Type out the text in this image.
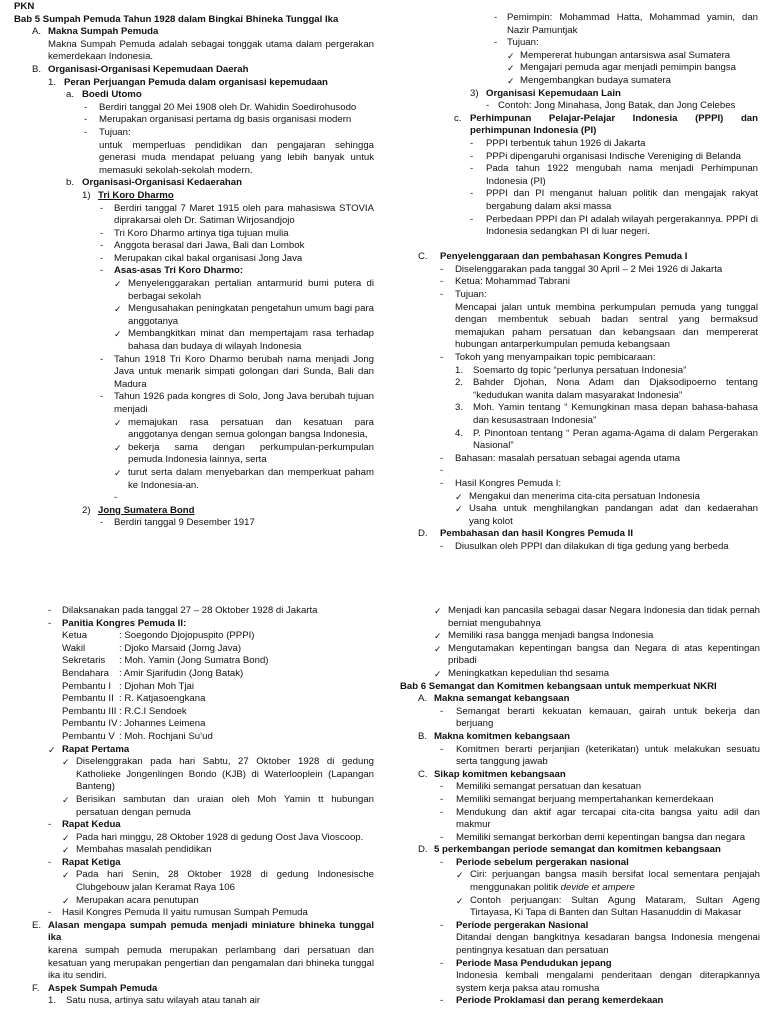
PKN
Bab 5 Sumpah Pemuda Tahun 1928 dalam Bingkai Bhineka Tunggal Ika
A. Makna Sumpah Pemuda
Makna Sumpah Pemuda adalah sebagai tonggak utama dalam pergerakan kemerdekaan Indonesia.
B. Organisasi-Organisasi Kepemudaan Daerah
1. Peran Perjuangan Pemuda dalam organisasi kepemudaan
a. Boedi Utomo
-	Berdiri tanggal 20 Mei 1908 oleh Dr. Wahidin Soedirohusodo
-	Merupakan organisasi pertama dg basis organisasi modern
-	Tujuan:
untuk memperluas pendidikan dan pengajaran sehingga generasi muda mendapat peluang yang lebih banyak untuk memasuki sekolah-sekolah modern.
b. Organisasi-Organisasi Kedaerahan
1) Tri Koro Dharmo
-	Berdiri tanggal 7 Maret 1915 oleh para mahasiswa STOVIA diprakarsai oleh Dr. Satiman Wirjosandjojo
-	Tri Koro Dharmo artinya tiga tujuan mulia
-	Anggota berasal dari Jawa, Bali dan Lombok
-	Merupakan cikal bakal organisasi Jong Java
-	Asas-asas Tri Koro Dharmo:
✓ Menyelenggarakan pertalian antarmurid bumi putera di berbagai sekolah
✓ Mengusahakan peningkatan pengetahun umum bagi para anggotanya
✓ Membangkitkan minat dan mempertajam rasa terhadap bahasa dan budaya di wilayah Indonesia
-	Tahun 1918 Tri Koro Dharmo berubah nama menjadi Jong Java untuk menarik simpati golongan dari Sunda, Bali dan Madura
-	Tahun 1926 pada kongres di Solo, Jong Java berubah tujuan menjadi
✓ memajukan rasa persatuan dan kesatuan para anggotanya dengan semua golongan bangsa Indonesia,
✓ bekerja sama dengan perkumpulan-perkumpulan pemuda Indonesia lainnya, serta
✓ turut serta dalam menyebarkan dan memperkuat paham ke Indonesia-an.
-
2) Jong Sumatera Bond
-	Berdiri tanggal 9 Desember 1917
-	Pemimpin: Mohammad Hatta, Mohammad yamin, dan Nazir Pamuntjak
-	Tujuan:
✓ Mempererat hubungan antarsiswa asal Sumatera
✓ Mengajari pemuda agar menjadi pemimpin bangsa
✓ Mengembangkan budaya sumatera
3) Organisasi Kepemudaan Lain
- Contoh: Jong Minahasa, Jong Batak, dan Jong Celebes
c. Perhimpunan Pelajar-Pelajar Indonesia (PPPI) dan perhimpunan Indonesia (PI)
-	PPPI terbentuk tahun 1926 di Jakarta
-	PPPi dipengaruhi organisasi Indische Vereniging di Belanda
-	Pada tahun 1922 mengubah nama menjadi Perhimpunan Indonesia (PI)
-	PPPI dan PI menganut haluan politik dan mengajak rakyat bergabung dalam aksi massa
-	Perbedaan PPPI dan PI adalah wilayah pergerakannya. PPPI di Indonesia sedangkan PI di luar negeri.
C.	Penyelenggaraan dan pembahasan Kongres Pemuda I
-	Diselenggarakan pada tanggal 30 April – 2 Mei 1926 di Jakarta
-	Ketua: Mohammad Tabrani
-	Tujuan:
Mencapai jalan untuk membina perkumpulan pemuda yang tunggal dengan membentuk sebuah badan sentral yang bermaksud memajukan paham persatuan dan kebangsaan dan mempererat hubungan antarperkumpulan pemuda kebangsaan
-	Tokoh yang menyampaikan topic pembicaraan:
1.	Soemarto dg topic “perlunya persatuan Indonesia”
2.	Bahder Djohan, Nona Adam dan Djaksodipoerno tentang “kedudukan wanita dalam masyarakat Indonesia”
3.	Moh. Yamin tentang “ Kemungkinan masa depan bahasa-bahasa dan kesusastraan Indonesia”
4.	P. Pinontoan tentang “ Peran agama-Agama di dalam Pergerakan Nasional”
-	Bahasan: masalah persatuan sebagai agenda utama
-
-	Hasil Kongres Pemuda I:
✓ Mengakui dan menerima cita-cita persatuan Indonesia
✓ Usaha untuk menghilangkan pandangan adat dan kedaerahan yang kolot
D.	Pembahasan dan hasil Kongres Pemuda II
-	Diusulkan oleh PPPI dan dilakukan di tiga gedung yang berbeda
-	Dilaksanakan pada tanggal 27 – 28 Oktober 1928 di Jakarta
-	Panitia Kongres Pemuda II:
Ketua	: Soegondo Djojopuspito (PPPI)
Wakil	: Djoko Marsaid (Jomg Java)
Sekretaris	: Moh. Yamin (Jong Sumatra Bond)
Bendahara	: Amir Sjarifudin (Jong Batak)
Pembantu I	: Djohan Moh Tjai
Pembantu II	: R. Katjasoengkana
Pembantu III	: R.C.I Sendoek
Pembantu IV	: Johannes Leimena
Pembantu V	: Moh. Rochjani Su’ud
✓ Rapat Pertama
✓ Diselenggrakan pada hari Sabtu, 27 Oktober 1928 di gedung Katholieke Jongenlingen Bondo (KJB) di Waterlooplein (Lapangan Banteng)
✓ Berisikan sambutan dan uraian oleh Moh Yamin tt hubungan persatuan dengan pemuda
-	Rapat Kedua
✓ Pada hari minggu, 28 Oktober 1928 di gedung Oost Java Vioscoop.
✓ Membahas masalah pendidikan
-	Rapat Ketiga
✓ Pada hari Senin, 28 Oktober 1928 di gedung Indonesische Clubgebouw jalan Keramat Raya 106
✓ Merupakan acara penutupan
-	Hasil Kongres Pemuda II yaitu rumusan Sumpah Pemuda
E. Alasan mengapa sumpah pemuda menjadi miniature bhineka tunggal ika
karena sumpah pemuda merupakan perlambang dari persatuan dan kesatuan yang merupakan pengertian dan pengamalan dari bhineka tunggal ika itu sendiri.
F. Aspek Sumpah Pemuda
1.	Satu nusa, artinya satu wilayah atau tanah air
✓ Menjadi kan pancasila sebagai dasar Negara Indonesia dan tidak pernah berniat mengubahnya
✓ Memiliki rasa bangga menjadi bangsa Indonesia
✓ Mengutamakan kepentingan bangsa dan Negara di atas kepentingan pribadi
✓ Meningkatkan kepedulian thd sesama
Bab 6 Semangat dan Komitmen kebangsaan untuk memperkuat NKRI
A. Makna semangat kebangsaan
-	Semangat berarti kekuatan kemauan, gairah untuk bekerja dan berjuang
B. Makna komitmen kebangsaan
-	Komitmen berarti perjanjian (keterikatan) untuk melakukan sesuatu serta tanggung jawab
C. Sikap komitmen kebangsaan
-	Memiliki semangat persatuan dan kesatuan
-	Memiliki semangat berjuang mempertahankan kemerdekaan
-	Mendukung dan aktif agar tercapai cita-cita bangsa yaitu adil dan makmur
-	Memiliki semangat berkorban demi kepentingan bangsa dan negara
D. 5 perkembangan periode semangat dan komitmen kebangsaan
-	Periode sebelum pergerakan nasional
✓ Ciri: perjuangan bangsa masih bersifat local sementara penjajah menggunakan politik devide et ampere
✓ Contoh perjuangan: Sultan Agung Mataram, Sultan Ageng Tirtayasa, Ki Tapa di Banten dan Sultan Hasanuddin di Makasar
-	Periode pergerakan Nasional
Ditandai dengan bangkitnya kesadaran bangsa Indonesia mengenai pentingnya kesatuan dan persatuan
-	Periode Masa Pendudukan jepang
Indonesia kembali mengalami penderitaan dengan diterapkannya system kerja paksa atau romusha
-	Periode Proklamasi dan perang kemerdekaan
